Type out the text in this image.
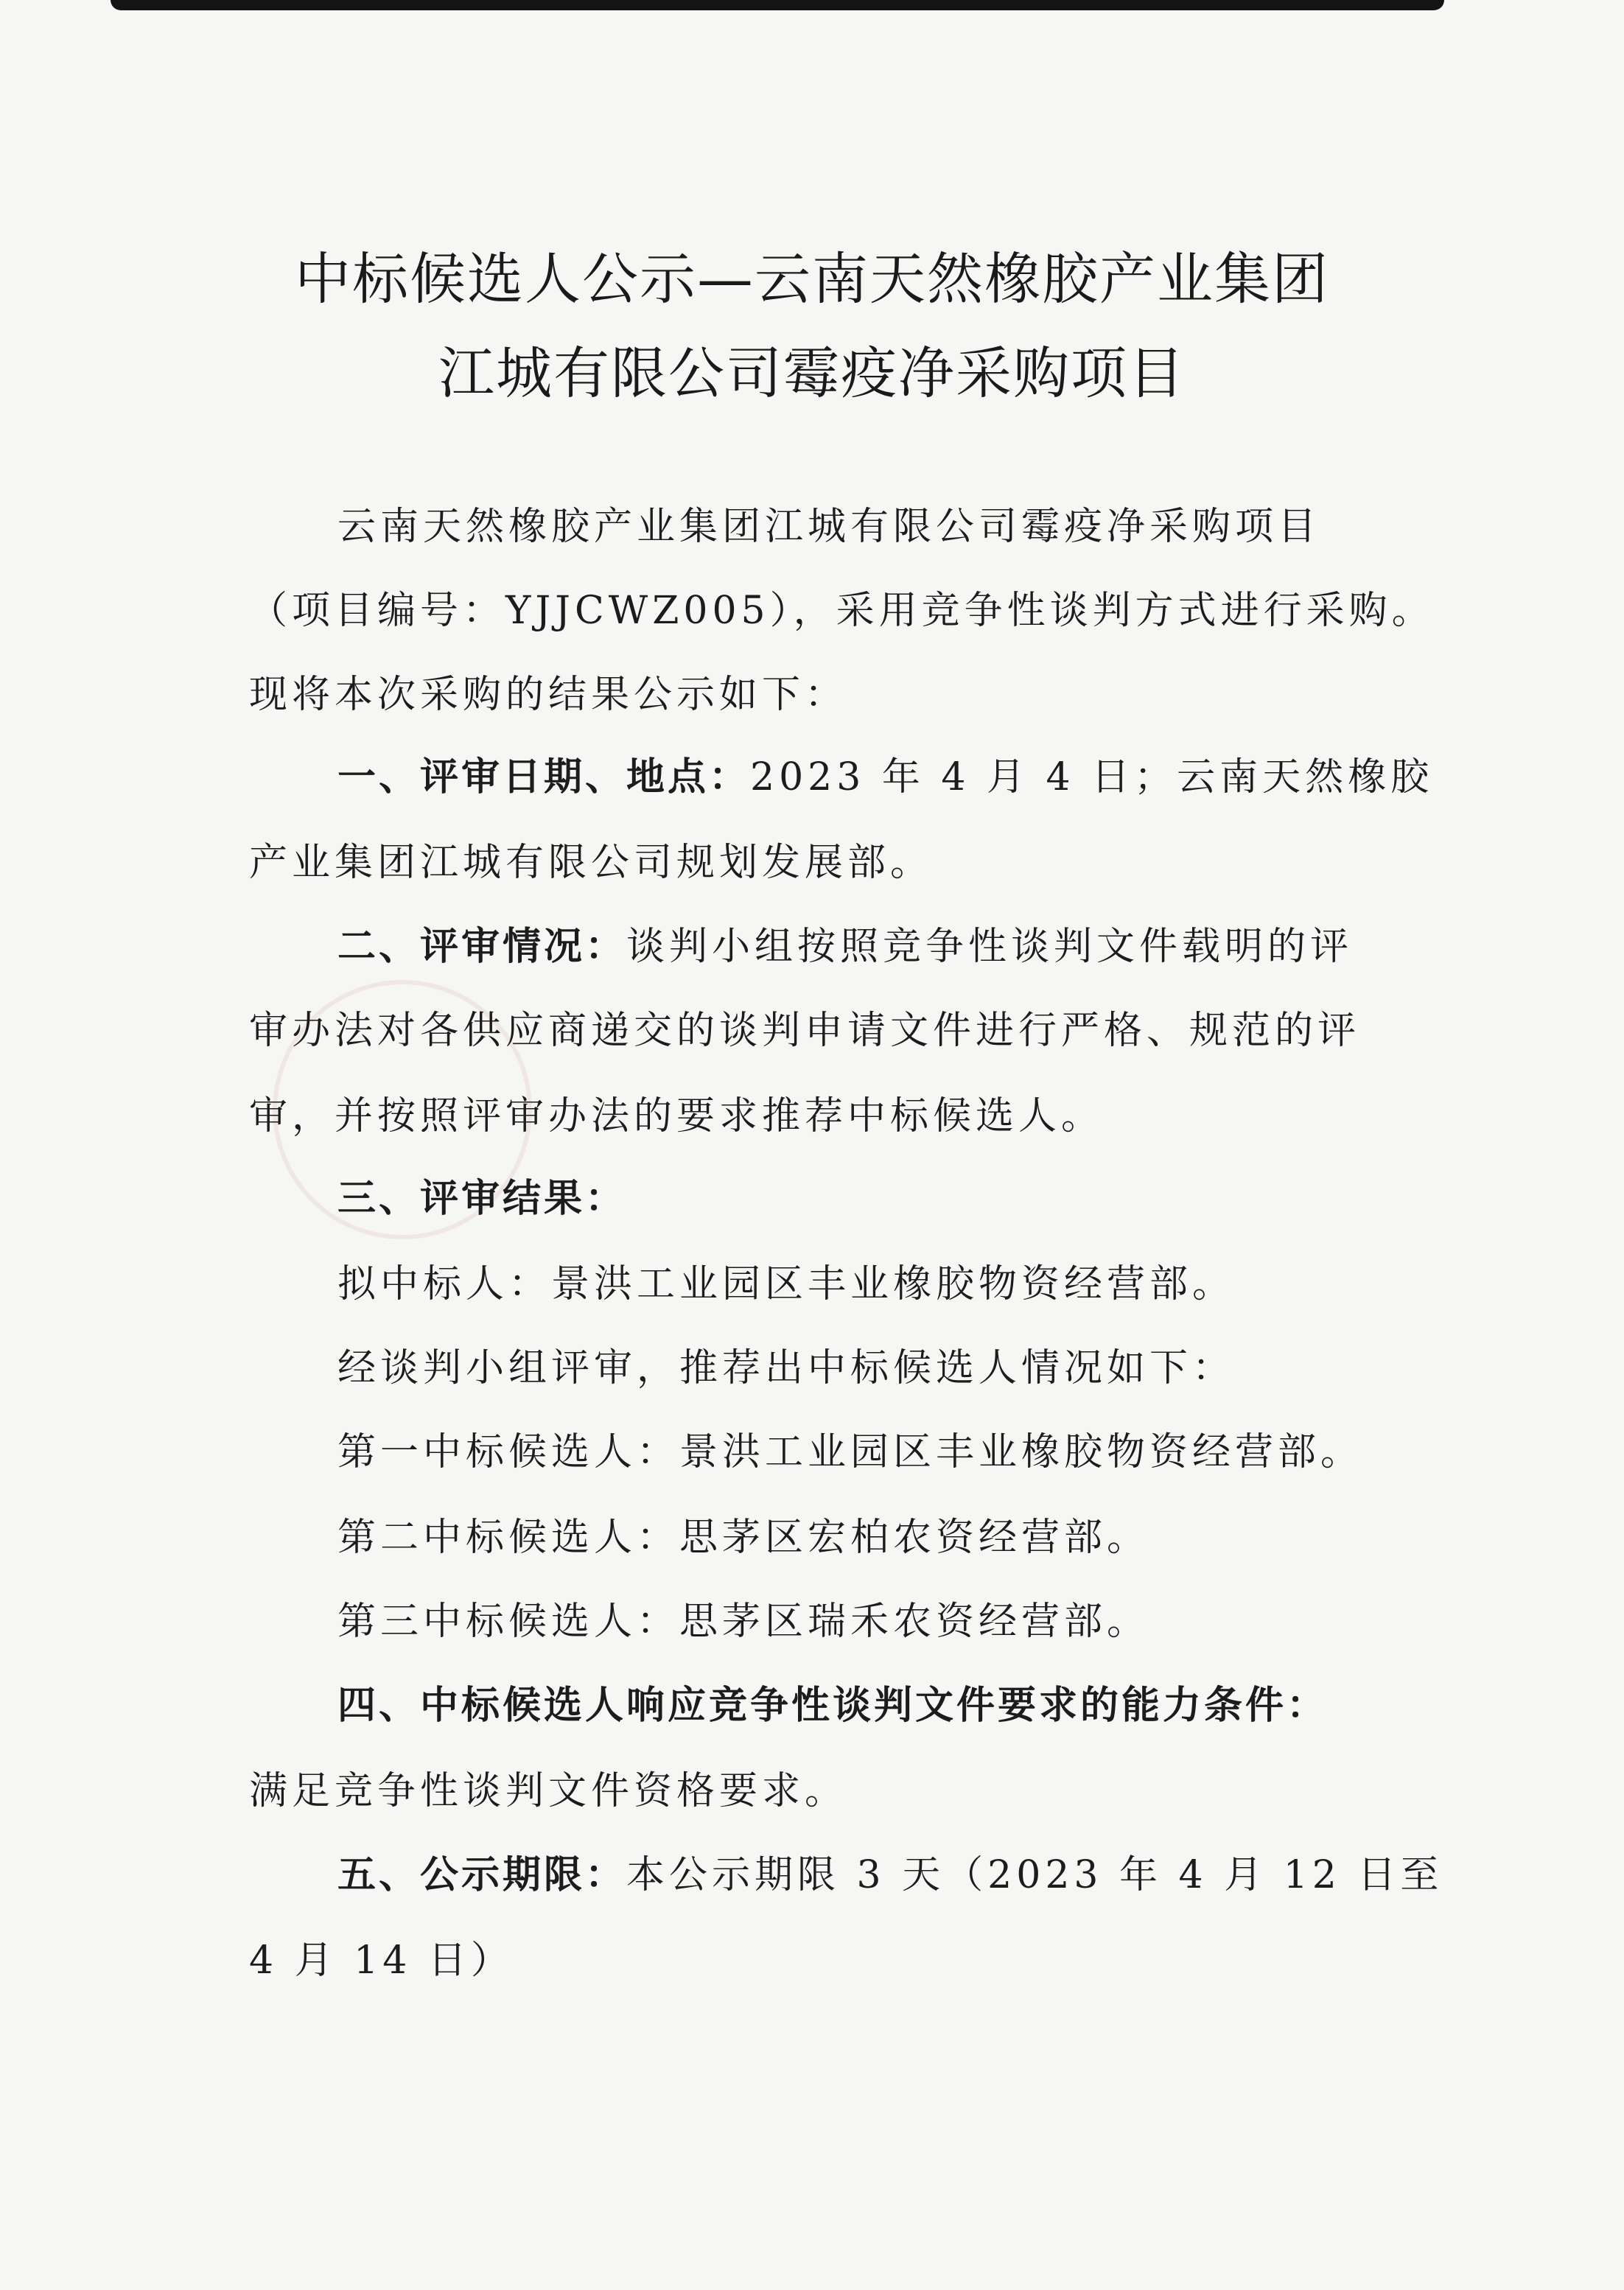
中标候选人公示—云南天然橡胶产业集团
江城有限公司霉疫净采购项目
云南天然橡胶产业集团江城有限公司霉疫净采购项目
（项目编号：YJJCWZ005），采用竞争性谈判方式进行采购。
现将本次采购的结果公示如下：
一、评审日期、地点：2023 年 4 月 4 日；云南天然橡胶
产业集团江城有限公司规划发展部。
二、评审情况：谈判小组按照竞争性谈判文件载明的评
审办法对各供应商递交的谈判申请文件进行严格、规范的评
审，并按照评审办法的要求推荐中标候选人。
三、评审结果：
拟中标人：景洪工业园区丰业橡胶物资经营部。
经谈判小组评审，推荐出中标候选人情况如下：
第一中标候选人：景洪工业园区丰业橡胶物资经营部。
第二中标候选人：思茅区宏柏农资经营部。
第三中标候选人：思茅区瑞禾农资经营部。
四、中标候选人响应竞争性谈判文件要求的能力条件：
满足竞争性谈判文件资格要求。
五、公示期限：本公示期限 3 天（2023 年 4 月 12 日至
4 月 14 日）
